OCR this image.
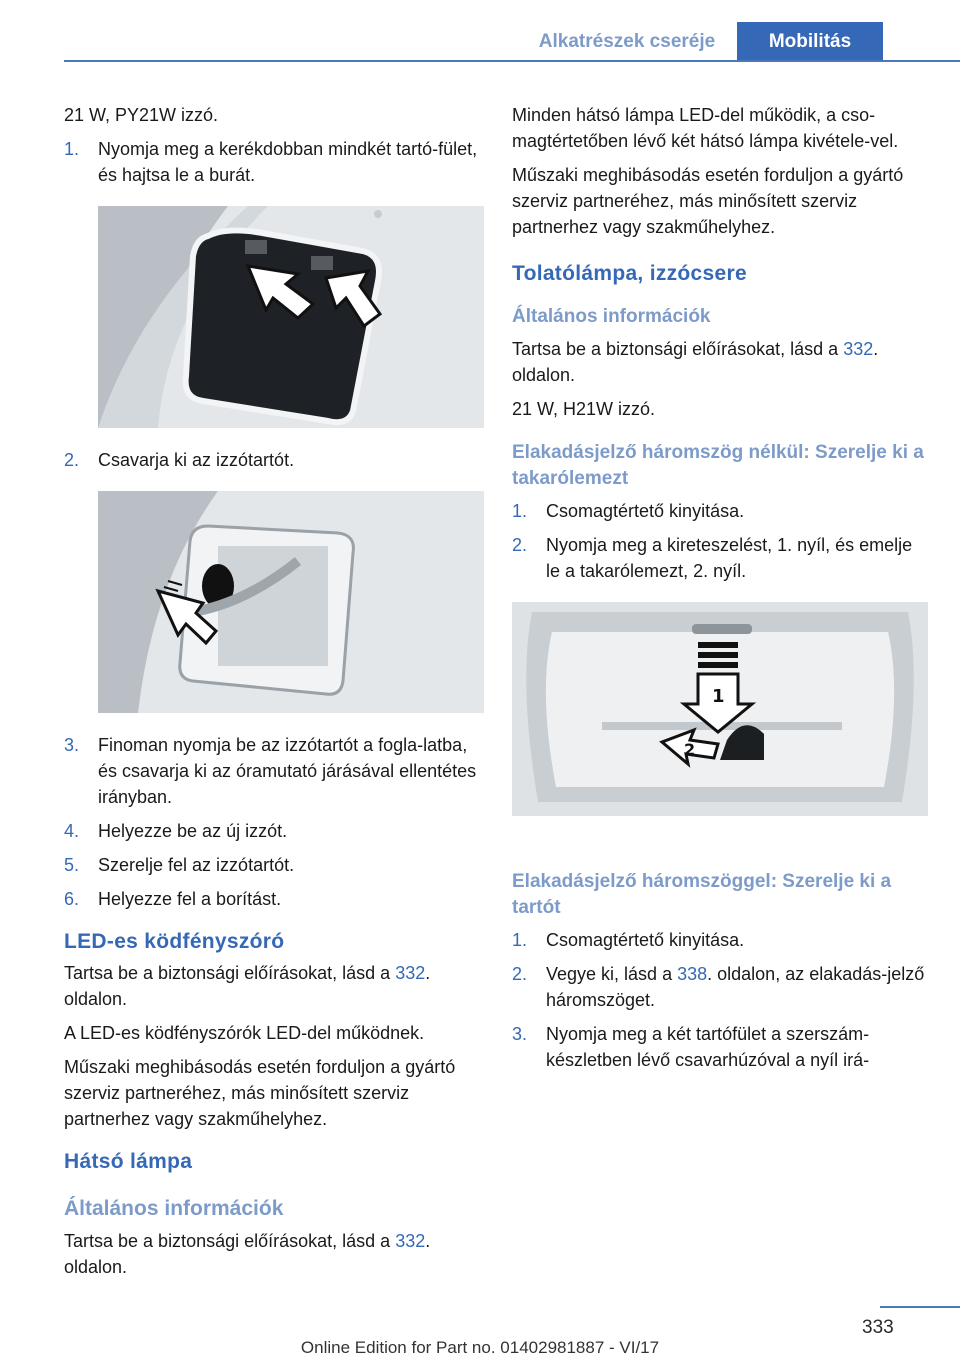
Alkatrészek cseréje	Mobilitás

21 W, PY21W izzó.

1.	Nyomja meg a kerékdobban mindkét tartó-fület, és hajtsa le a burát.
2.	Csavarja ki az izzótartót.
3.	Finoman nyomja be az izzótartót a fogla-latba, és csavarja ki az óramutató járásával ellentétes irányban.
4.	Helyezze be az új izzót.
5.	Szerelje fel az izzótartót.
6.	Helyezze fel a borítást.
LED-es ködfényszóró

Tartsa be a biztonsági előírásokat, lásd a 332. oldalon.

A LED-es ködfényszórók LED-del működnek.

Műszaki meghibásodás esetén forduljon a gyártó szerviz partneréhez, más minősített szerviz partnerhez vagy szakműhelyhez.

Hátsó lámpa
Általános információk

Tartsa be a biztonsági előírásokat, lásd a 332. oldalon.

Minden hátsó lámpa LED-del működik, a cso-magtértetőben lévő két hátsó lámpa kivétele-vel.

Műszaki meghibásodás esetén forduljon a gyártó szerviz partneréhez, más minősített szerviz partnerhez vagy szakműhelyhez.

Tolatólámpa, izzócsere
Általános információk

Tartsa be a biztonsági előírásokat, lásd a 332. oldalon.

21 W, H21W izzó.

Elakadásjelző háromszög nélkül: Szerelje ki a takarólemezt
1.	Csomagtértető kinyitása.
2.	Nyomja meg a kireteszelést, 1. nyíl, és emelje le a takarólemezt, 2. nyíl.
1
2
Elakadásjelző háromszöggel: Szerelje ki a tartót
1.	Csomagtértető kinyitása.
2.	Vegye ki, lásd a 338. oldalon, az elakadás-jelző háromszöget.
3.	Nyomja meg a két tartófület a szerszám-készletben lévő csavarhúzóval a nyíl irá-
333
Online Edition for Part no. 01402981887 - VI/17
